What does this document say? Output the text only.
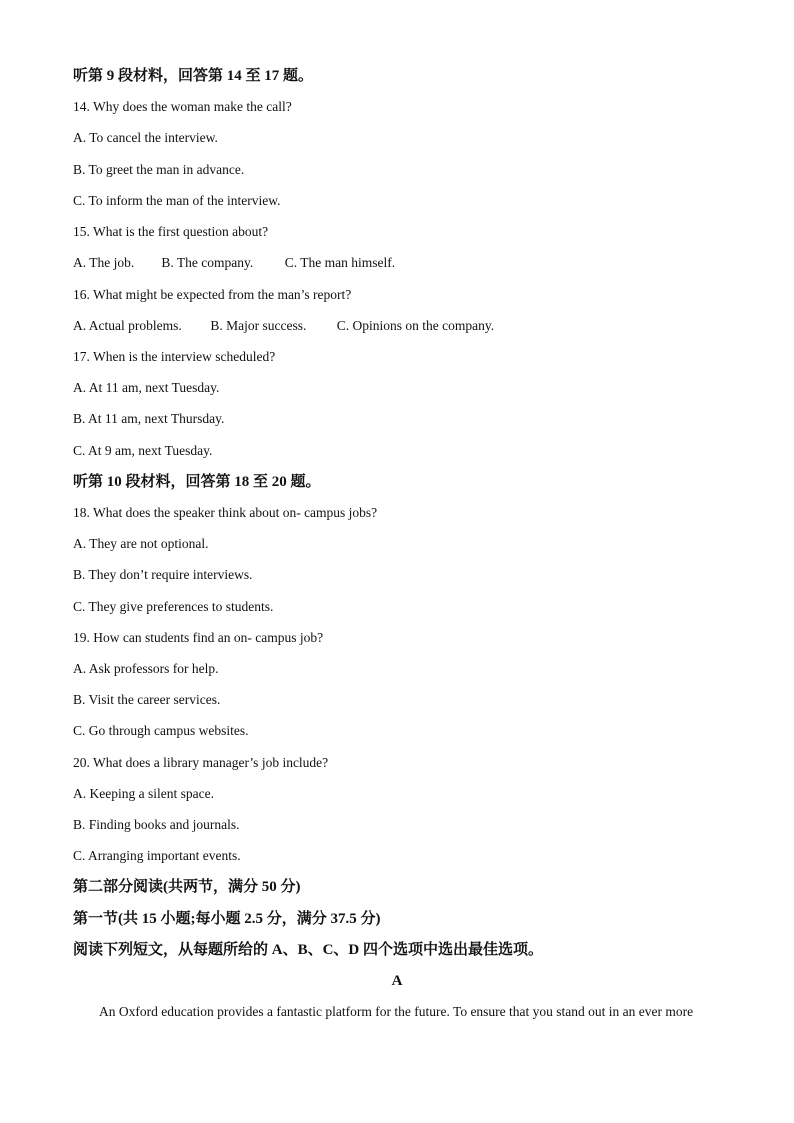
听第 9 段材料，回答第 14 至 17 题。
14. Why does the woman make the call?
A. To cancel the interview.
B. To greet the man in advance.
C. To inform the man of the interview.
15. What is the first question about?
A. The job. B. The company. C. The man himself.
16. What might be expected from the man’s report?
A. Actual problems. B. Major success. C. Opinions on the company.
17. When is the interview scheduled?
A. At 11 am, next Tuesday.
B. At 11 am, next Thursday.
C. At 9 am, next Tuesday.
听第 10 段材料，回答第 18 至 20 题。
18. What does the speaker think about on- campus jobs?
A. They are not optional.
B. They don’t require interviews.
C. They give preferences to students.
19. How can students find an on- campus job?
A. Ask professors for help.
B. Visit the career services.
C. Go through campus websites.
20. What does a library manager’s job include?
A. Keeping a silent space.
B. Finding books and journals.
C. Arranging important events.
第二部分阅读(共两节，满分 50 分)
第一节(共 15 小题;每小题 2.5 分，满分 37.5 分)
阅读下列短文，从每题所给的 A、B、C、D 四个选项中选出最佳选项。
A
An Oxford education provides a fantastic platform for the future. To ensure that you stand out in an ever more
